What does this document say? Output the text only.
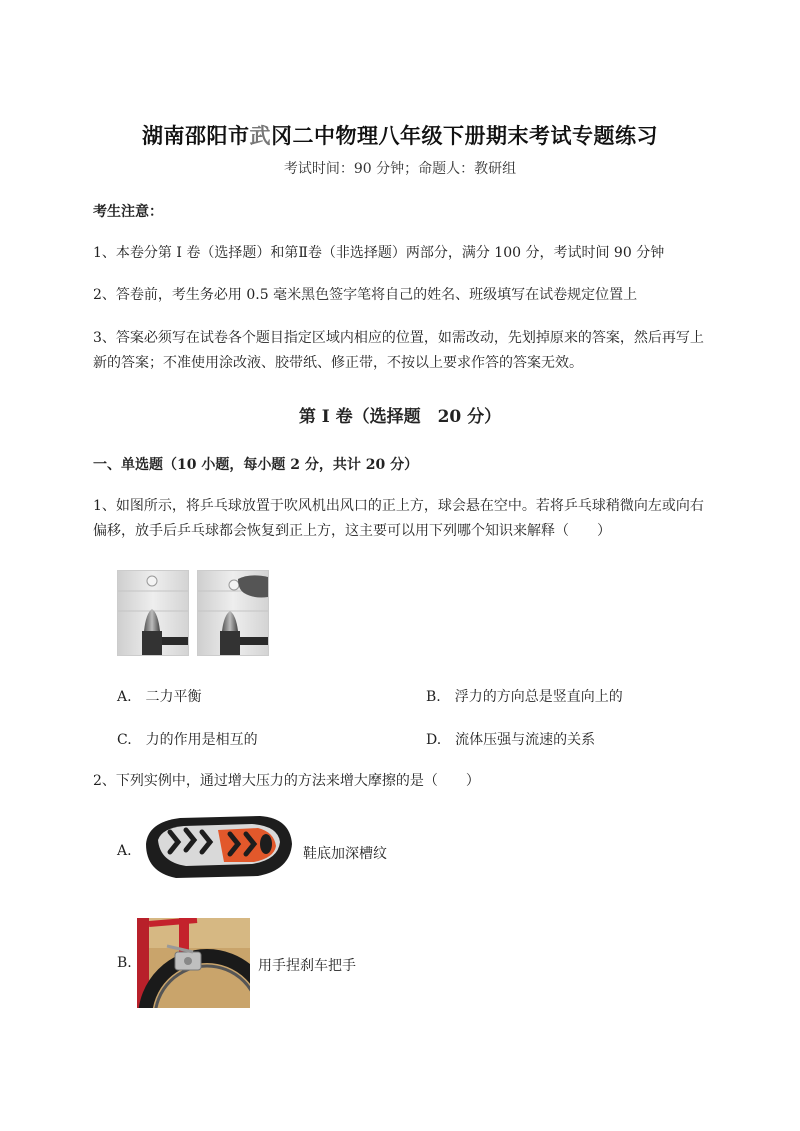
湖南邵阳市武冈二中物理八年级下册期末考试专题练习
考试时间：90 分钟；命题人：教研组
考生注意：
1、本卷分第 I 卷（选择题）和第Ⅱ卷（非选择题）两部分，满分 100 分，考试时间 90 分钟
2、答卷前，考生务必用 0.5 毫米黑色签字笔将自己的姓名、班级填写在试卷规定位置上
3、答案必须写在试卷各个题目指定区域内相应的位置，如需改动，先划掉原来的答案，然后再写上新的答案；不准使用涂改液、胶带纸、修正带，不按以上要求作答的答案无效。
第 I 卷（选择题　20 分）
一、单选题（10 小题，每小题 2 分，共计 20 分）
1、如图所示，将乒乓球放置于吹风机出风口的正上方，球会悬在空中。若将乒乓球稍微向左或向右偏移，放手后乒乓球都会恢复到正上方，这主要可以用下列哪个知识来解释（　　）
A.　二力平衡	B.　浮力的方向总是竖直向上的
C.　力的作用是相互的	D.　流体压强与流速的关系
2、下列实例中，通过增大压力的方法来增大摩擦的是（　　）
A.	鞋底加深槽纹
B.	用手捏刹车把手
